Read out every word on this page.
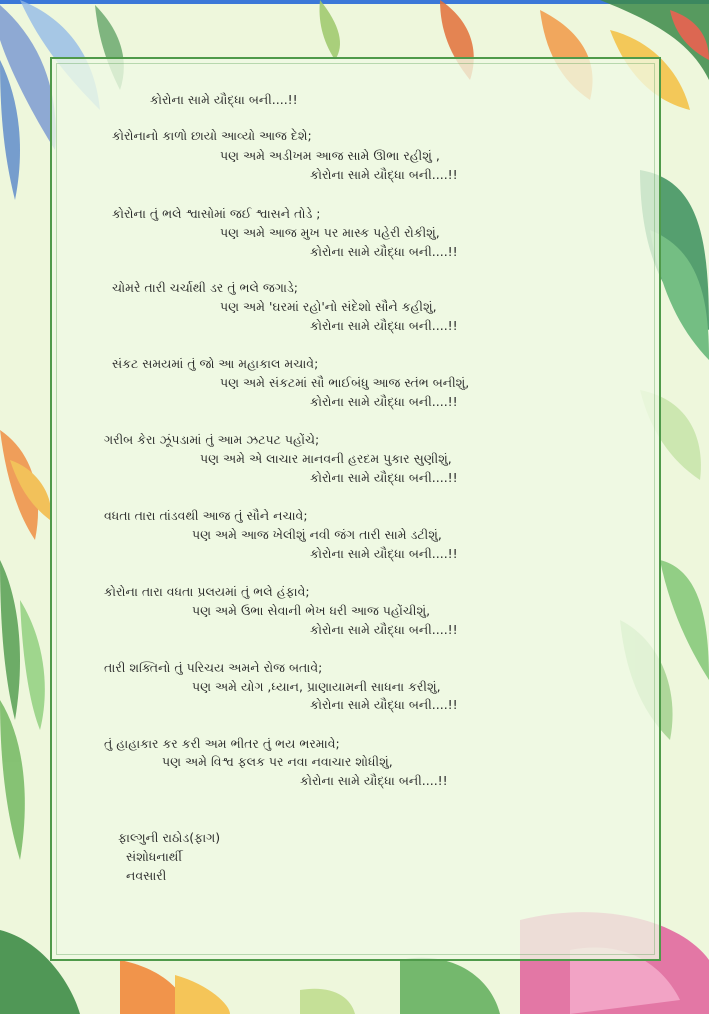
કોરોના સામે યૌદ્ધા બની....!!
કોરોનાનો કાળો છાયો આવ્યો આજ દેશે;
પણ અમે અડીખમ આજ સામે ઊભા રહીશું ,
કોરોના સામે યૌદ્ધા બની....!!
કોરોના તું ભલે શ્વાસોમાં જઈ શ્વાસને તોડે ;
પણ અમે આજ મુખ પર માસ્ક પહેરી રોકીશું,
કોરોના સામે યૌદ્ધા બની....!!
ચોમરે તારી ચર્ચાથી ડર તું ભલે જગાડે;
પણ અમે 'ઘરમાં રહો'નો સંદેશો સૌને કહીશું,
કોરોના સામે યૌદ્ધા બની....!!
સંકટ સમયમાં તું જો આ મહાકાલ મચાવે;
પણ અમે સંકટમાં સૌ ભાઈબંધુ આજ સ્તંભ બનીશું,
કોરોના સામે યૌદ્ધા બની....!!
ગરીબ કેરા ઝૂંપડામાં તું આમ ઝટપટ પહોંચે;
પણ અમે એ લાચાર માનવની હરદમ પુકાર સુણીશું,
કોરોના સામે યૌદ્ધા બની....!!
વધતા તારા તાંડવથી આજ તું સૌને નચાવે;
પણ અમે આજ ખેલીશું નવી જંગ તારી સામે ડટીશું,
કોરોના સામે યૌદ્ધા બની....!!
કોરોના તારા વધતા પ્રલયમાં તું ભલે હંફાવે;
પણ અમે ઉભા સેવાની ભેખ ધરી આજ પહોંચીશું,
કોરોના સામે યૌદ્ધા બની....!!
તારી શક્તિનો તું પરિચય અમને રોજ બતાવે;
પણ અમે યોગ ,ધ્યાન, પ્રાણાયામની સાધના કરીશું,
કોરોના સામે યૌદ્ધા બની....!!
તું હાહાકાર કર કરી અમ ભીતર તું ભય ભરમાવે;
પણ અમે વિશ્વ ફલક પર નવા નવાચાર શોધીશું,
કોરોના સામે યૌદ્ધા બની....!!
ફાલ્ગુની રાઠોડ(ફાગ)
સંશોધનાર્થી
નવસારી
